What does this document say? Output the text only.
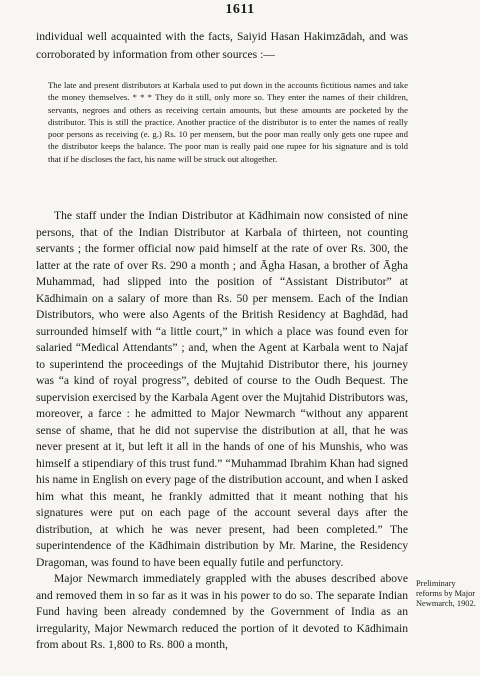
1611

individual well acquainted with the facts, Saiyid Hasan Hakimzādah, and was corroborated by information from other sources :—

The late and present distributors at Karbala used to put down in the accounts fictitious names and take the money themselves. * * * They do it still, only more so. They enter the names of their children, servants, negroes and others as receiving certain amounts, but these amounts are pocketed by the distributor. This is still the practice. Another practice of the distributor is to enter the names of really poor persons as receiving (e. g.) Rs. 10 per mensem, but the poor man really only gets one rupee and the distributor keeps the balance. The poor man is really paid one rupee for his signature and is told that if he discloses the fact, his name will be struck out altogether.

The staff under the Indian Distributor at Kādhimain now consisted of nine persons, that of the Indian Distributor at Karbala of thirteen, not counting servants ; the former official now paid himself at the rate of over Rs. 300, the latter at the rate of over Rs. 290 a month ; and Āgha Hasan, a brother of Āgha Muhammad, had slipped into the position of “Assistant Distributor” at Kādhimain on a salary of more than Rs. 50 per mensem. Each of the Indian Distributors, who were also Agents of the British Residency at Baghdād, had surrounded himself with “a little court,” in which a place was found even for salaried “Medical Attendants” ; and, when the Agent at Karbala went to Najaf to superintend the proceedings of the Mujtahid Distributor there, his journey was “a kind of royal progress”, debited of course to the Oudh Bequest. The supervision exercised by the Karbala Agent over the Mujtahid Distributors was, moreover, a farce : he admitted to Major Newmarch “without any apparent sense of shame, that he did not supervise the distribution at all, that he was never present at it, but left it all in the hands of one of his Munshis, who was himself a stipendiary of this trust fund.” “Muhammad Ibrahim Khan had signed his name in English on every page of the distribution account, and when I asked him what this meant, he frankly admitted that it meant nothing that his signatures were put on each page of the account several days after the distribution, at which he was never present, had been completed.” The superintendence of the Kādhimain distribution by Mr. Marine, the Residency Dragoman, was found to have been equally futile and perfunctory.

Major Newmarch immediately grappled with the abuses described above and removed them in so far as it was in his power to do so. The separate Indian Fund having been already condemned by the Government of India as an irregularity, Major Newmarch reduced the portion of it devoted to Kādhimain from about Rs. 1,800 to Rs. 800 a month,

Preliminary reforms by Major Newmarch, 1902.
